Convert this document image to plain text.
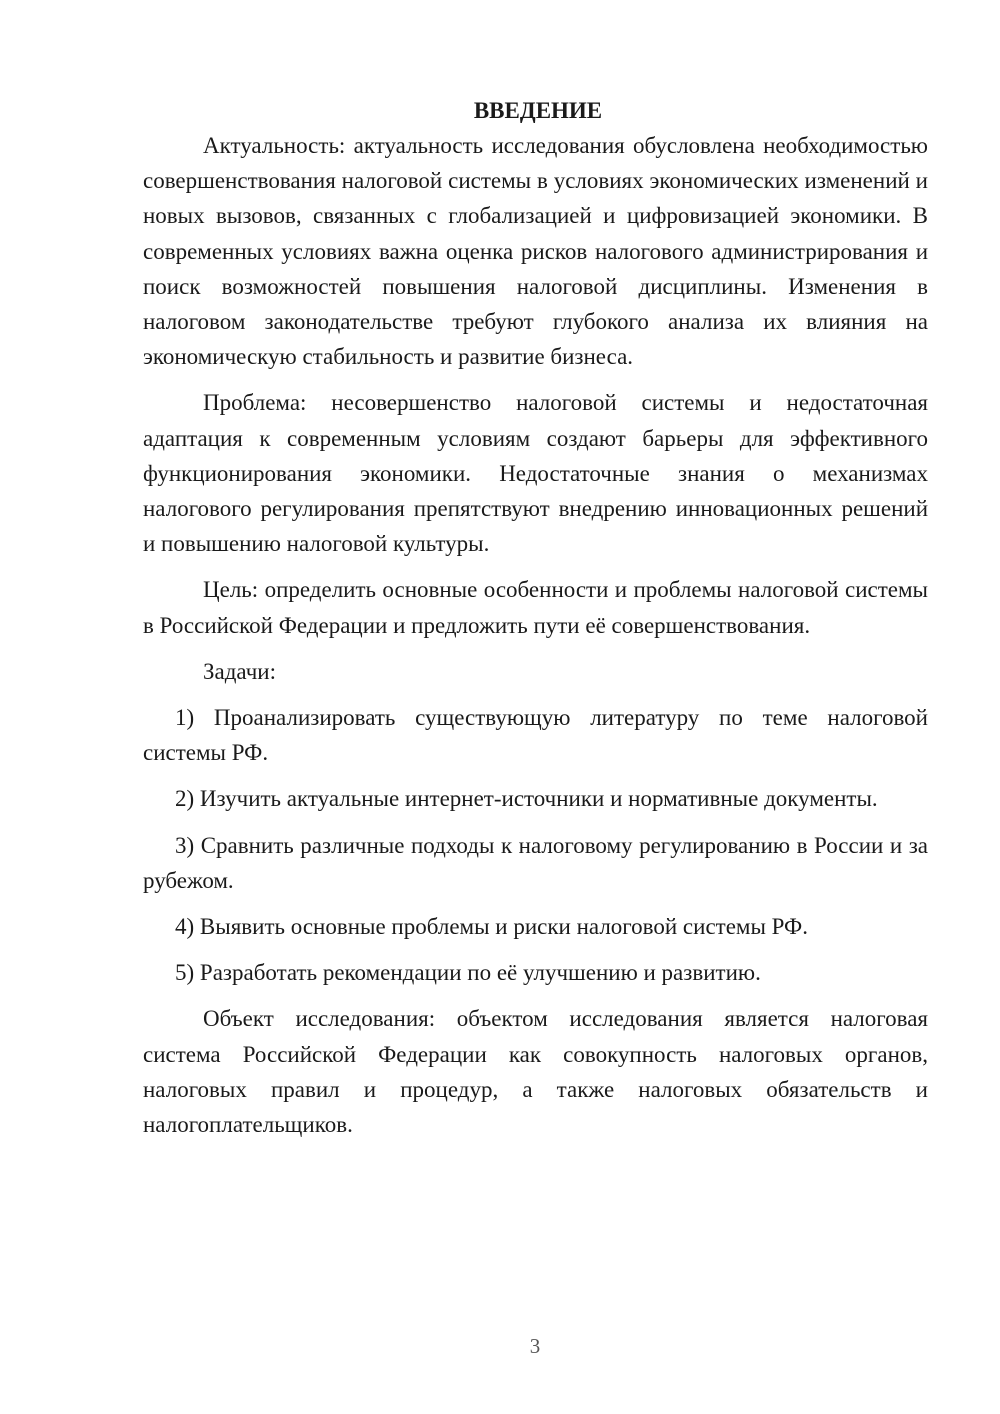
ВВЕДЕНИЕ

Актуальность: актуальность исследования обусловлена необходимостью совершенствования налоговой системы в условиях экономических изменений и новых вызовов, связанных с глобализацией и цифровизацией экономики. В современных условиях важна оценка рисков налогового администрирования и поиск возможностей повышения налоговой дисциплины. Изменения в налоговом законодательстве требуют глубокого анализа их влияния на экономическую стабильность и развитие бизнеса.

Проблема: несовершенство налоговой системы и недостаточная адаптация к современным условиям создают барьеры для эффективного функционирования экономики. Недостаточные знания о механизмах налогового регулирования препятствуют внедрению инновационных решений и повышению налоговой культуры.

Цель: определить основные особенности и проблемы налоговой системы в Российской Федерации и предложить пути её совершенствования.

Задачи:

1) Проанализировать существующую литературу по теме налоговой системы РФ.

2) Изучить актуальные интернет-источники и нормативные документы.

3) Сравнить различные подходы к налоговому регулированию в России и за рубежом.

4) Выявить основные проблемы и риски налоговой системы РФ.

5) Разработать рекомендации по её улучшению и развитию.

Объект исследования: объектом исследования является налоговая система Российской Федерации как совокупность налоговых органов, налоговых правил и процедур, а также налоговых обязательств и налогоплательщиков.

3
